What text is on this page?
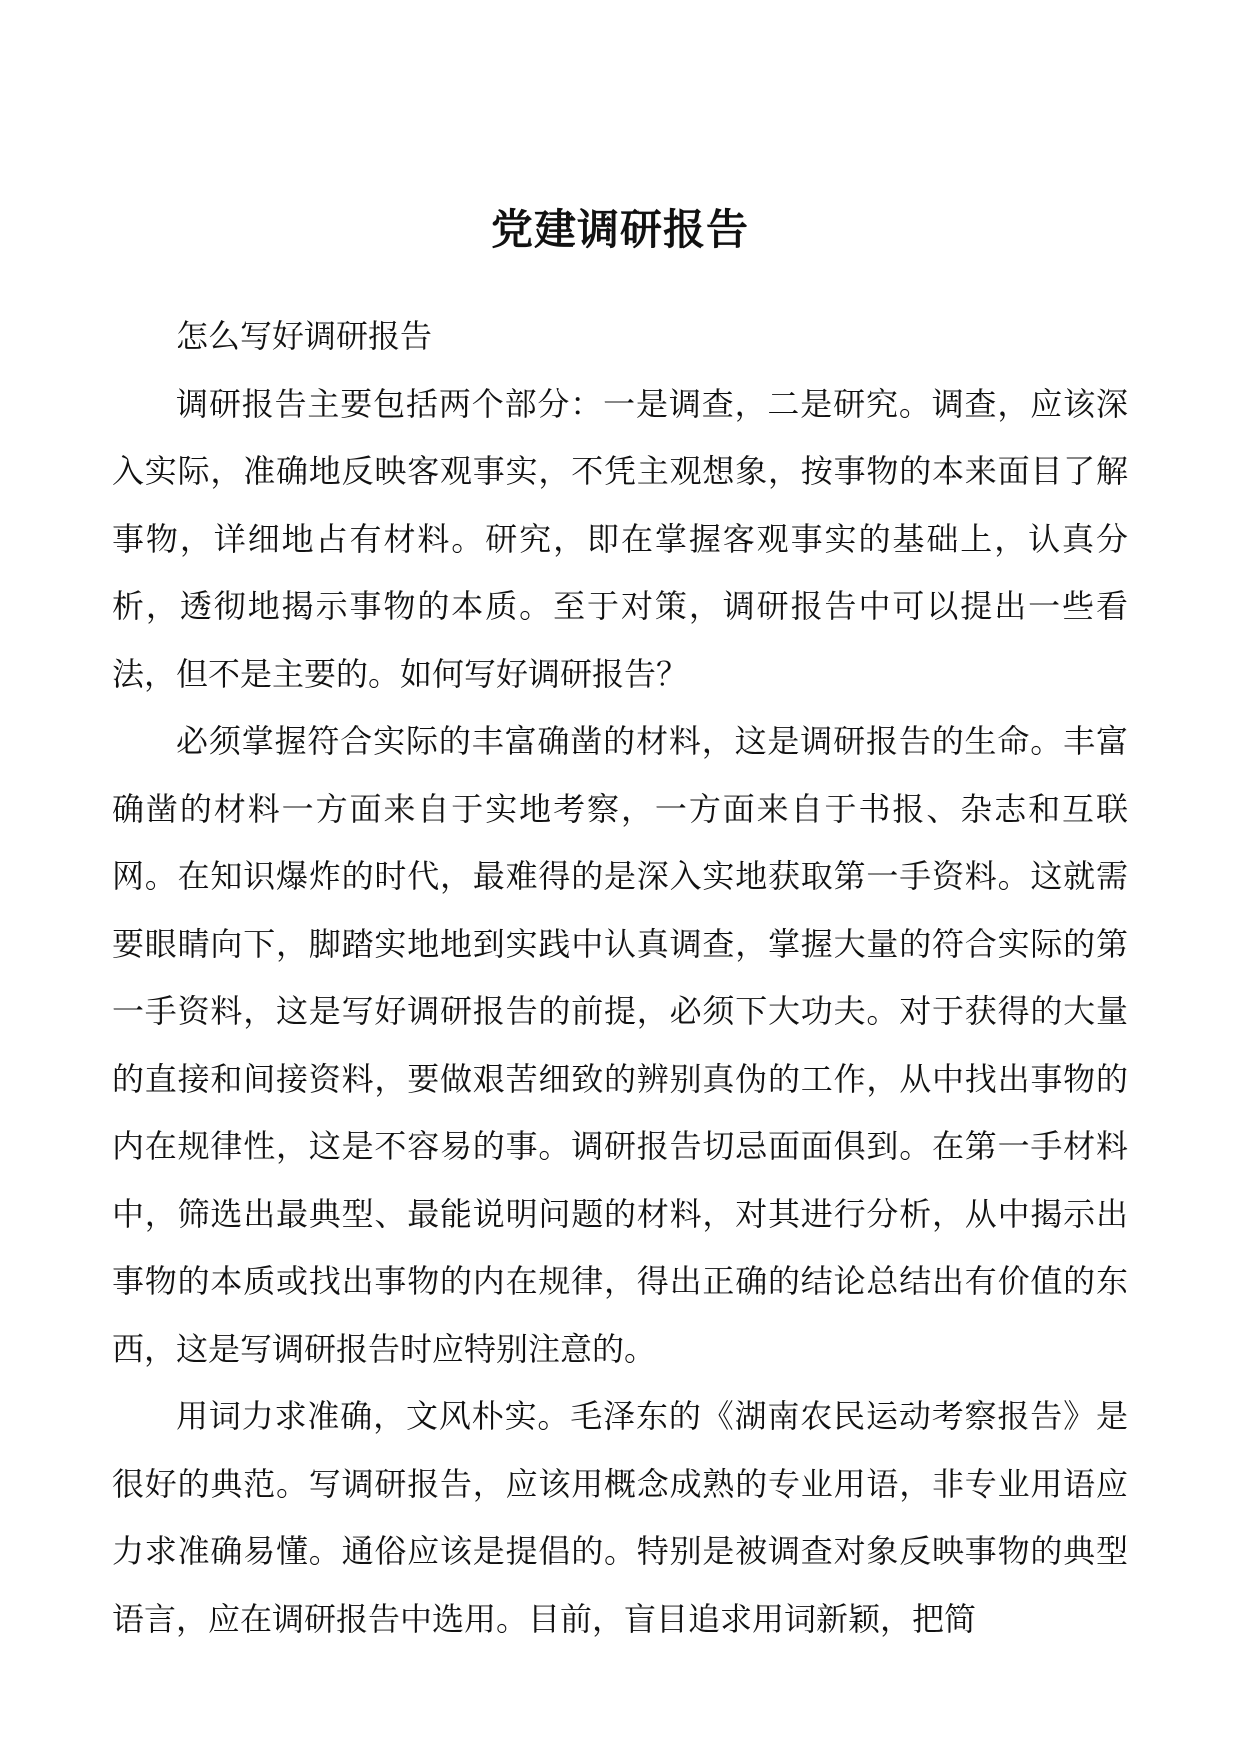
党建调研报告

怎么写好调研报告

调研报告主要包括两个部分：一是调查，二是研究。调查，应该深入实际，准确地反映客观事实，不凭主观想象，按事物的本来面目了解事物，详细地占有材料。研究，即在掌握客观事实的基础上，认真分析，透彻地揭示事物的本质。至于对策，调研报告中可以提出一些看法，但不是主要的。如何写好调研报告？

必须掌握符合实际的丰富确凿的材料，这是调研报告的生命。丰富确凿的材料一方面来自于实地考察，一方面来自于书报、杂志和互联网。在知识爆炸的时代，最难得的是深入实地获取第一手资料。这就需要眼睛向下，脚踏实地地到实践中认真调查，掌握大量的符合实际的第一手资料，这是写好调研报告的前提，必须下大功夫。对于获得的大量的直接和间接资料，要做艰苦细致的辨别真伪的工作，从中找出事物的内在规律性，这是不容易的事。调研报告切忌面面俱到。在第一手材料中，筛选出最典型、最能说明问题的材料，对其进行分析，从中揭示出事物的本质或找出事物的内在规律，得出正确的结论总结出有价值的东西，这是写调研报告时应特别注意的。

用词力求准确，文风朴实。毛泽东的《湖南农民运动考察报告》是很好的典范。写调研报告，应该用概念成熟的专业用语，非专业用语应力求准确易懂。通俗应该是提倡的。特别是被调查对象反映事物的典型语言，应在调研报告中选用。目前，盲目追求用词新颖，把简
